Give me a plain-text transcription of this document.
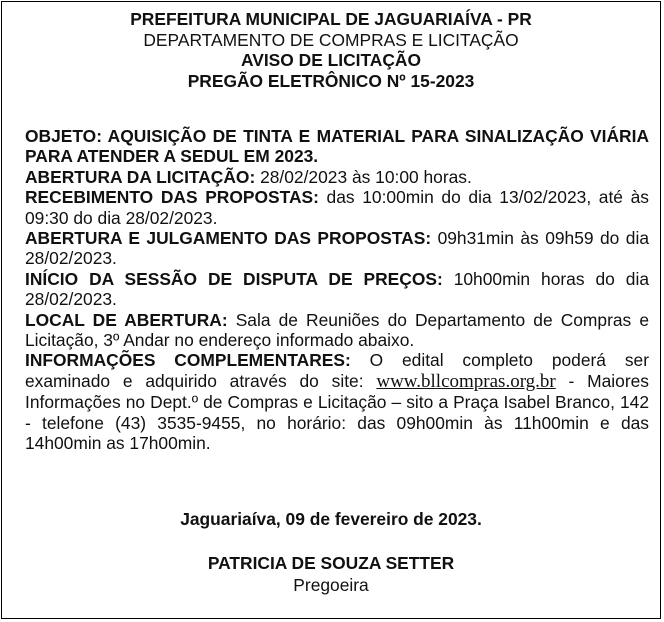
PREFEITURA MUNICIPAL DE JAGUARIAÍVA - PR
DEPARTAMENTO DE COMPRAS E LICITAÇÃO
AVISO DE LICITAÇÃO
PREGÃO ELETRÔNICO Nº 15-2023

OBJETO: AQUISIÇÃO DE TINTA E MATERIAL PARA SINALIZAÇÃO VIÁRIA PARA ATENDER A SEDUL EM 2023.

ABERTURA DA LICITAÇÃO: 28/02/2023 às 10:00 horas.

RECEBIMENTO DAS PROPOSTAS: das 10:00min do dia 13/02/2023, até às 09:30 do dia 28/02/2023.

ABERTURA E JULGAMENTO DAS PROPOSTAS: 09h31min às 09h59 do dia 28/02/2023.

INÍCIO DA SESSÃO DE DISPUTA DE PREÇOS: 10h00min horas do dia 28/02/2023.

LOCAL DE ABERTURA: Sala de Reuniões do Departamento de Compras e Licitação, 3º Andar no endereço informado abaixo.

INFORMAÇÕES COMPLEMENTARES: O edital completo poderá ser examinado e adquirido através do site: www.bllcompras.org.br - Maiores Informações no Dept.º de Compras e Licitação – sito a Praça Isabel Branco, 142 - telefone (43) 3535-9455, no horário: das 09h00min às 11h00min e das 14h00min as 17h00min.

Jaguariaíva, 09 de fevereiro de 2023.
PATRICIA DE SOUZA SETTER
Pregoeira
